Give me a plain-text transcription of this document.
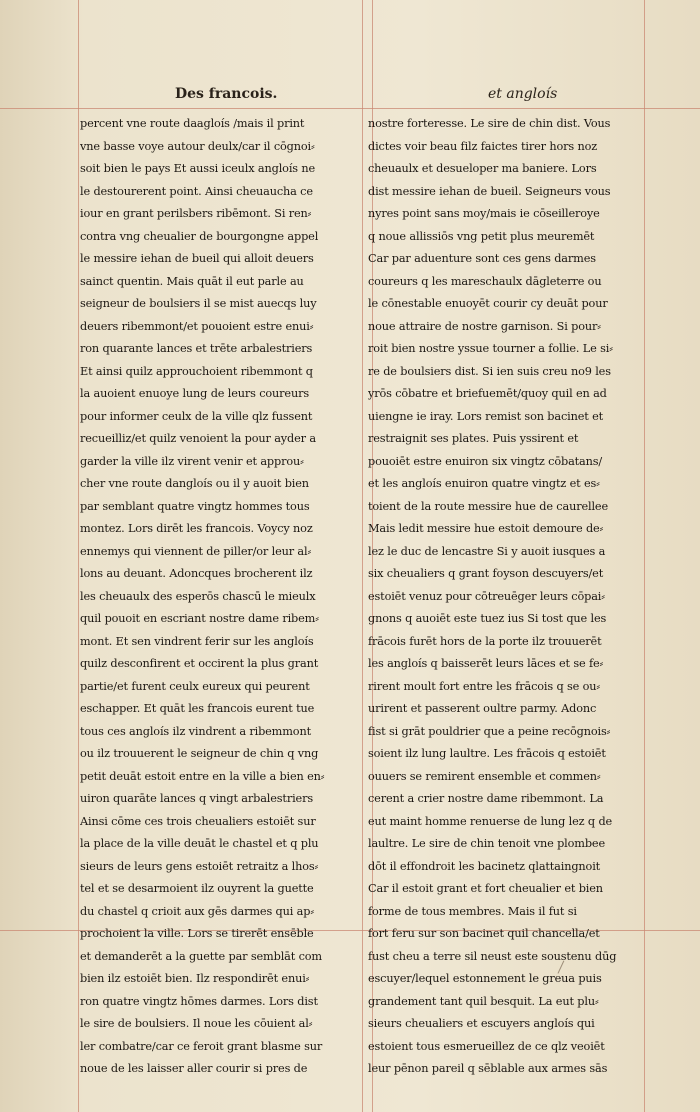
Des francois.	et angloís
percent vne route daagloís /mais il print
vne basse voye autour deulx/car il cōgnoi⸗
soit bien le pays Et aussi iceulx angloís ne
le destourerent point. Ainsi cheuaucha ce
iour en grant perilsbers ribēmont. Si ren⸗
contra vng cheualier de bourgongne appel
le messire iehan de bueil qui alloit deuers
sainct quentin. Mais quāt il eut parle au
seigneur de boulsiers il se mist auecqs luy
deuers ribemmont/et pouoient estre enui⸗
ron quarante lances et trēte arbalestriers
Et ainsi quilz approuchoient ribemmont q
la auoient enuoye lung de leurs coureurs
pour informer ceulx de la ville qlz fussent
recueilliz/et quilz venoient la pour ayder a
garder la ville ilz virent venir et approu⸗
cher vne route dangloís ou il y auoit bien
par semblant quatre vingtz hommes tous
montez. Lors dirēt les francois. Voycy noz
ennemys qui viennent de piller/or leur al⸗
lons au deuant. Adoncques brocherent ilz
les cheuaulx des esperōs chascū le mieulx
quil pouoit en escriant nostre dame ribem⸗
mont. Et sen vindrent ferir sur les angloís
quilz desconfirent et occirent la plus grant
partie/et furent ceulx eureux qui peurent
eschapper. Et quāt les francois eurent tue
tous ces angloís ilz vindrent a ribemmont
ou ilz trouuerent le seigneur de chin q vng
petit deuāt estoit entre en la ville a bien en⸗
uiron quarāte lances q vingt arbalestriers
Ainsi cōme ces trois cheualiers estoiēt sur
la place de la ville deuāt le chastel et q plu
sieurs de leurs gens estoiēt retraitz a lhos⸗
tel et se desarmoient ilz ouyrent la guette
du chastel q crioit aux gēs darmes qui ap⸗
prochoient la ville. Lors se tirerēt ensēble
et demanderēt a la guette par semblāt com
bien ilz estoiēt bien. Ilz respondirēt enui⸗
ron quatre vingtz hōmes darmes. Lors dist
le sire de boulsiers. Il noue les cōuient al⸗
ler combatre/car ce feroit grant blasme sur
noue de les laisser aller courir si pres de
nostre forteresse. Le sire de chin dist. Vous
dictes voir beau filz faictes tirer hors noz
cheuaulx et desueloper ma baniere. Lors
dist messire iehan de bueil. Seigneurs vous
nyres point sans moy/mais ie cōseilleroye
q noue allissiōs vng petit plus meuremēt
Car par aduenture sont ces gens darmes
coureurs q les mareschaulx dāgleterre ou
le cōnestable enuoyēt courir cy deuāt pour
noue attraire de nostre garnison. Si pour⸗
roit bien nostre yssue tourner a follie. Le si⸗
re de boulsiers dist. Si ien suis creu no9 les
yrōs cōbatre et briefuemēt/quoy quil en ad
uiengne ie iray. Lors remist son bacinet et
restraignit ses plates. Puis yssirent et
pouoiēt estre enuiron six vingtz cōbatans/
et les angloís enuiron quatre vingtz et es⸗
toient de la route messire hue de caurellee
Mais ledit messire hue estoit demoure de⸗
lez le duc de lencastre Si y auoit iusques a
six cheualiers q grant foyson descuyers/et
estoiēt venuz pour cōtreuēger leurs cōpai⸗
gnons q auoiēt este tuez ius Si tost que les
frācois furēt hors de la porte ilz trouuerēt
les angloís q baisserēt leurs lāces et se fe⸗
rirent moult fort entre les frācois q se ou⸗
urirent et passerent oultre parmy. Adonc
fist si grāt pouldrier que a peine recōgnois⸗
soient ilz lung laultre. Les frācois q estoiēt
ouuers se remirent ensemble et commen⸗
cerent a crier nostre dame ribemmont. La
eut maint homme renuerse de lung lez q de
laultre. Le sire de chin tenoit vne plombee
dōt il effondroit les bacinetz qlattaingnoit
Car il estoit grant et fort cheualier et bien
forme de tous membres. Mais il fut si
fort feru sur son bacinet quil chancella/et
fust cheu a terre sil neust este soustenu dūg
escuyer/lequel estonnement le greua puis
grandement tant quil besquit. La eut plu⸗
sieurs cheualiers et escuyers angloís qui
estoient tous esmerueillez de ce qlz veoiēt
leur pēnon pareil q sēblable aux armes sās
